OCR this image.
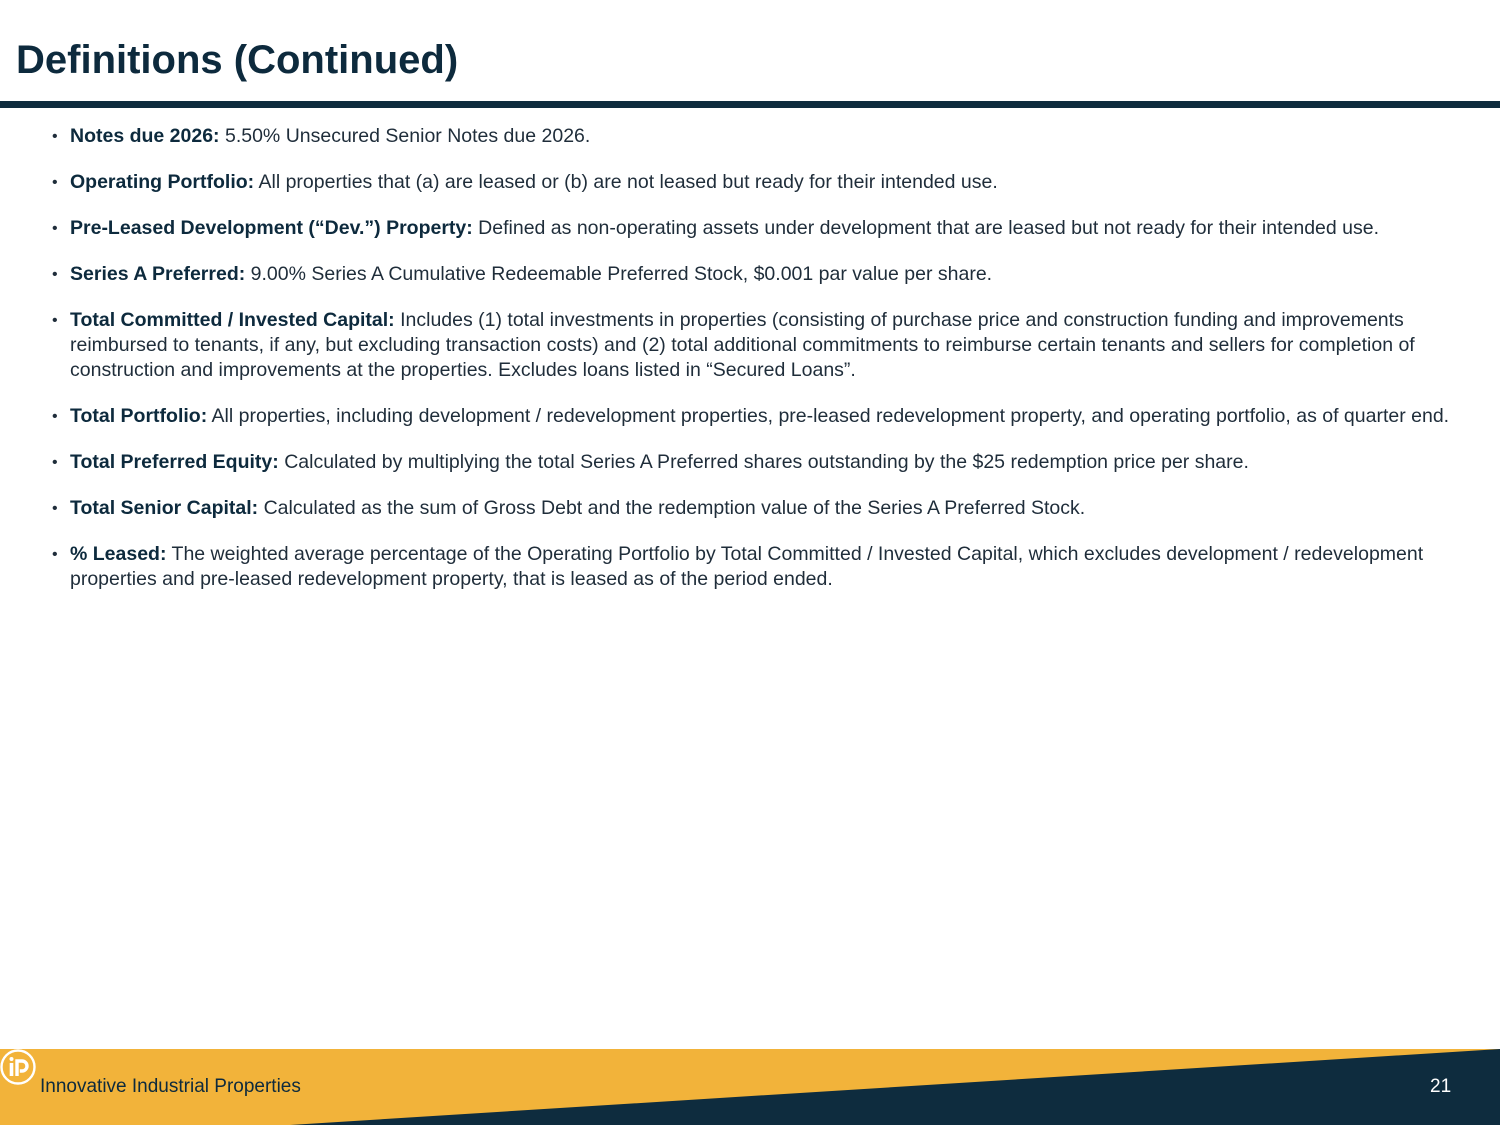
Definitions (Continued)
• Notes due 2026: 5.50% Unsecured Senior Notes due 2026.
• Operating Portfolio: All properties that (a) are leased or (b) are not leased but ready for their intended use.
• Pre-Leased Development (“Dev.”) Property: Defined as non-operating assets under development that are leased but not ready for their intended use.
• Series A Preferred: 9.00% Series A Cumulative Redeemable Preferred Stock, $0.001 par value per share.
• Total Committed / Invested Capital: Includes (1) total investments in properties (consisting of purchase price and construction funding and improvements reimbursed to tenants, if any, but excluding transaction costs) and (2) total additional commitments to reimburse certain tenants and sellers for completion of construction and improvements at the properties. Excludes loans listed in “Secured Loans”.
• Total Portfolio: All properties, including development / redevelopment properties, pre-leased redevelopment property, and operating portfolio, as of quarter end.
• Total Preferred Equity: Calculated by multiplying the total Series A Preferred shares outstanding by the $25 redemption price per share.
• Total Senior Capital: Calculated as the sum of Gross Debt and the redemption value of the Series A Preferred Stock.
• % Leased: The weighted average percentage of the Operating Portfolio by Total Committed / Invested Capital, which excludes development / redevelopment properties and pre-leased redevelopment property, that is leased as of the period ended.
Innovative Industrial Properties	21
